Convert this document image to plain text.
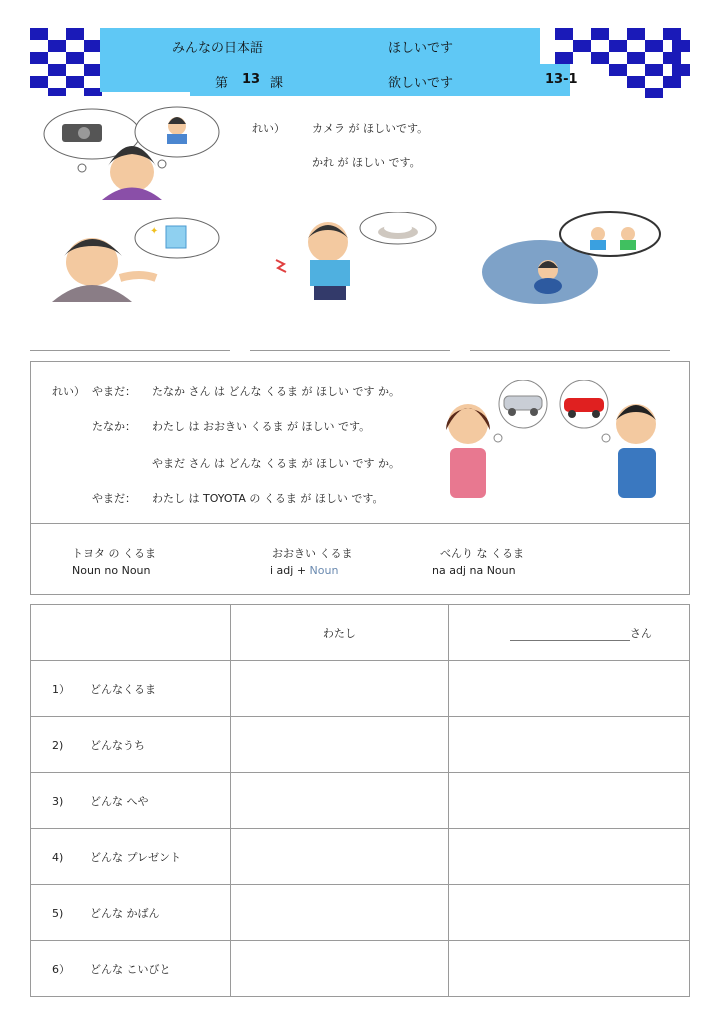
みんなの日本語	ほしいです
第 13 課	欲しいです	13-1
れい） カメラ が ほしいです。
かれ が ほしい です。
✦
れい） やまだ： たなか さん は どんな くるま が ほしい です か。
たなか： わたし は おおきい くるま が ほしい です。
やまだ さん は どんな くるま が ほしい です か。
やまだ： わたし は TOYOTA の くるま が ほしい です。
トヨタ の くるま
Noun no Noun
おおきい くるま
i adj + Noun
べんり な くるま
na adj na Noun
	わたし	さん
1） どんなくるま		
2) どんなうち		
3) どんな へや		
4) どんな プレゼント		
5) どんな かばん		
6） どんな こいびと		
